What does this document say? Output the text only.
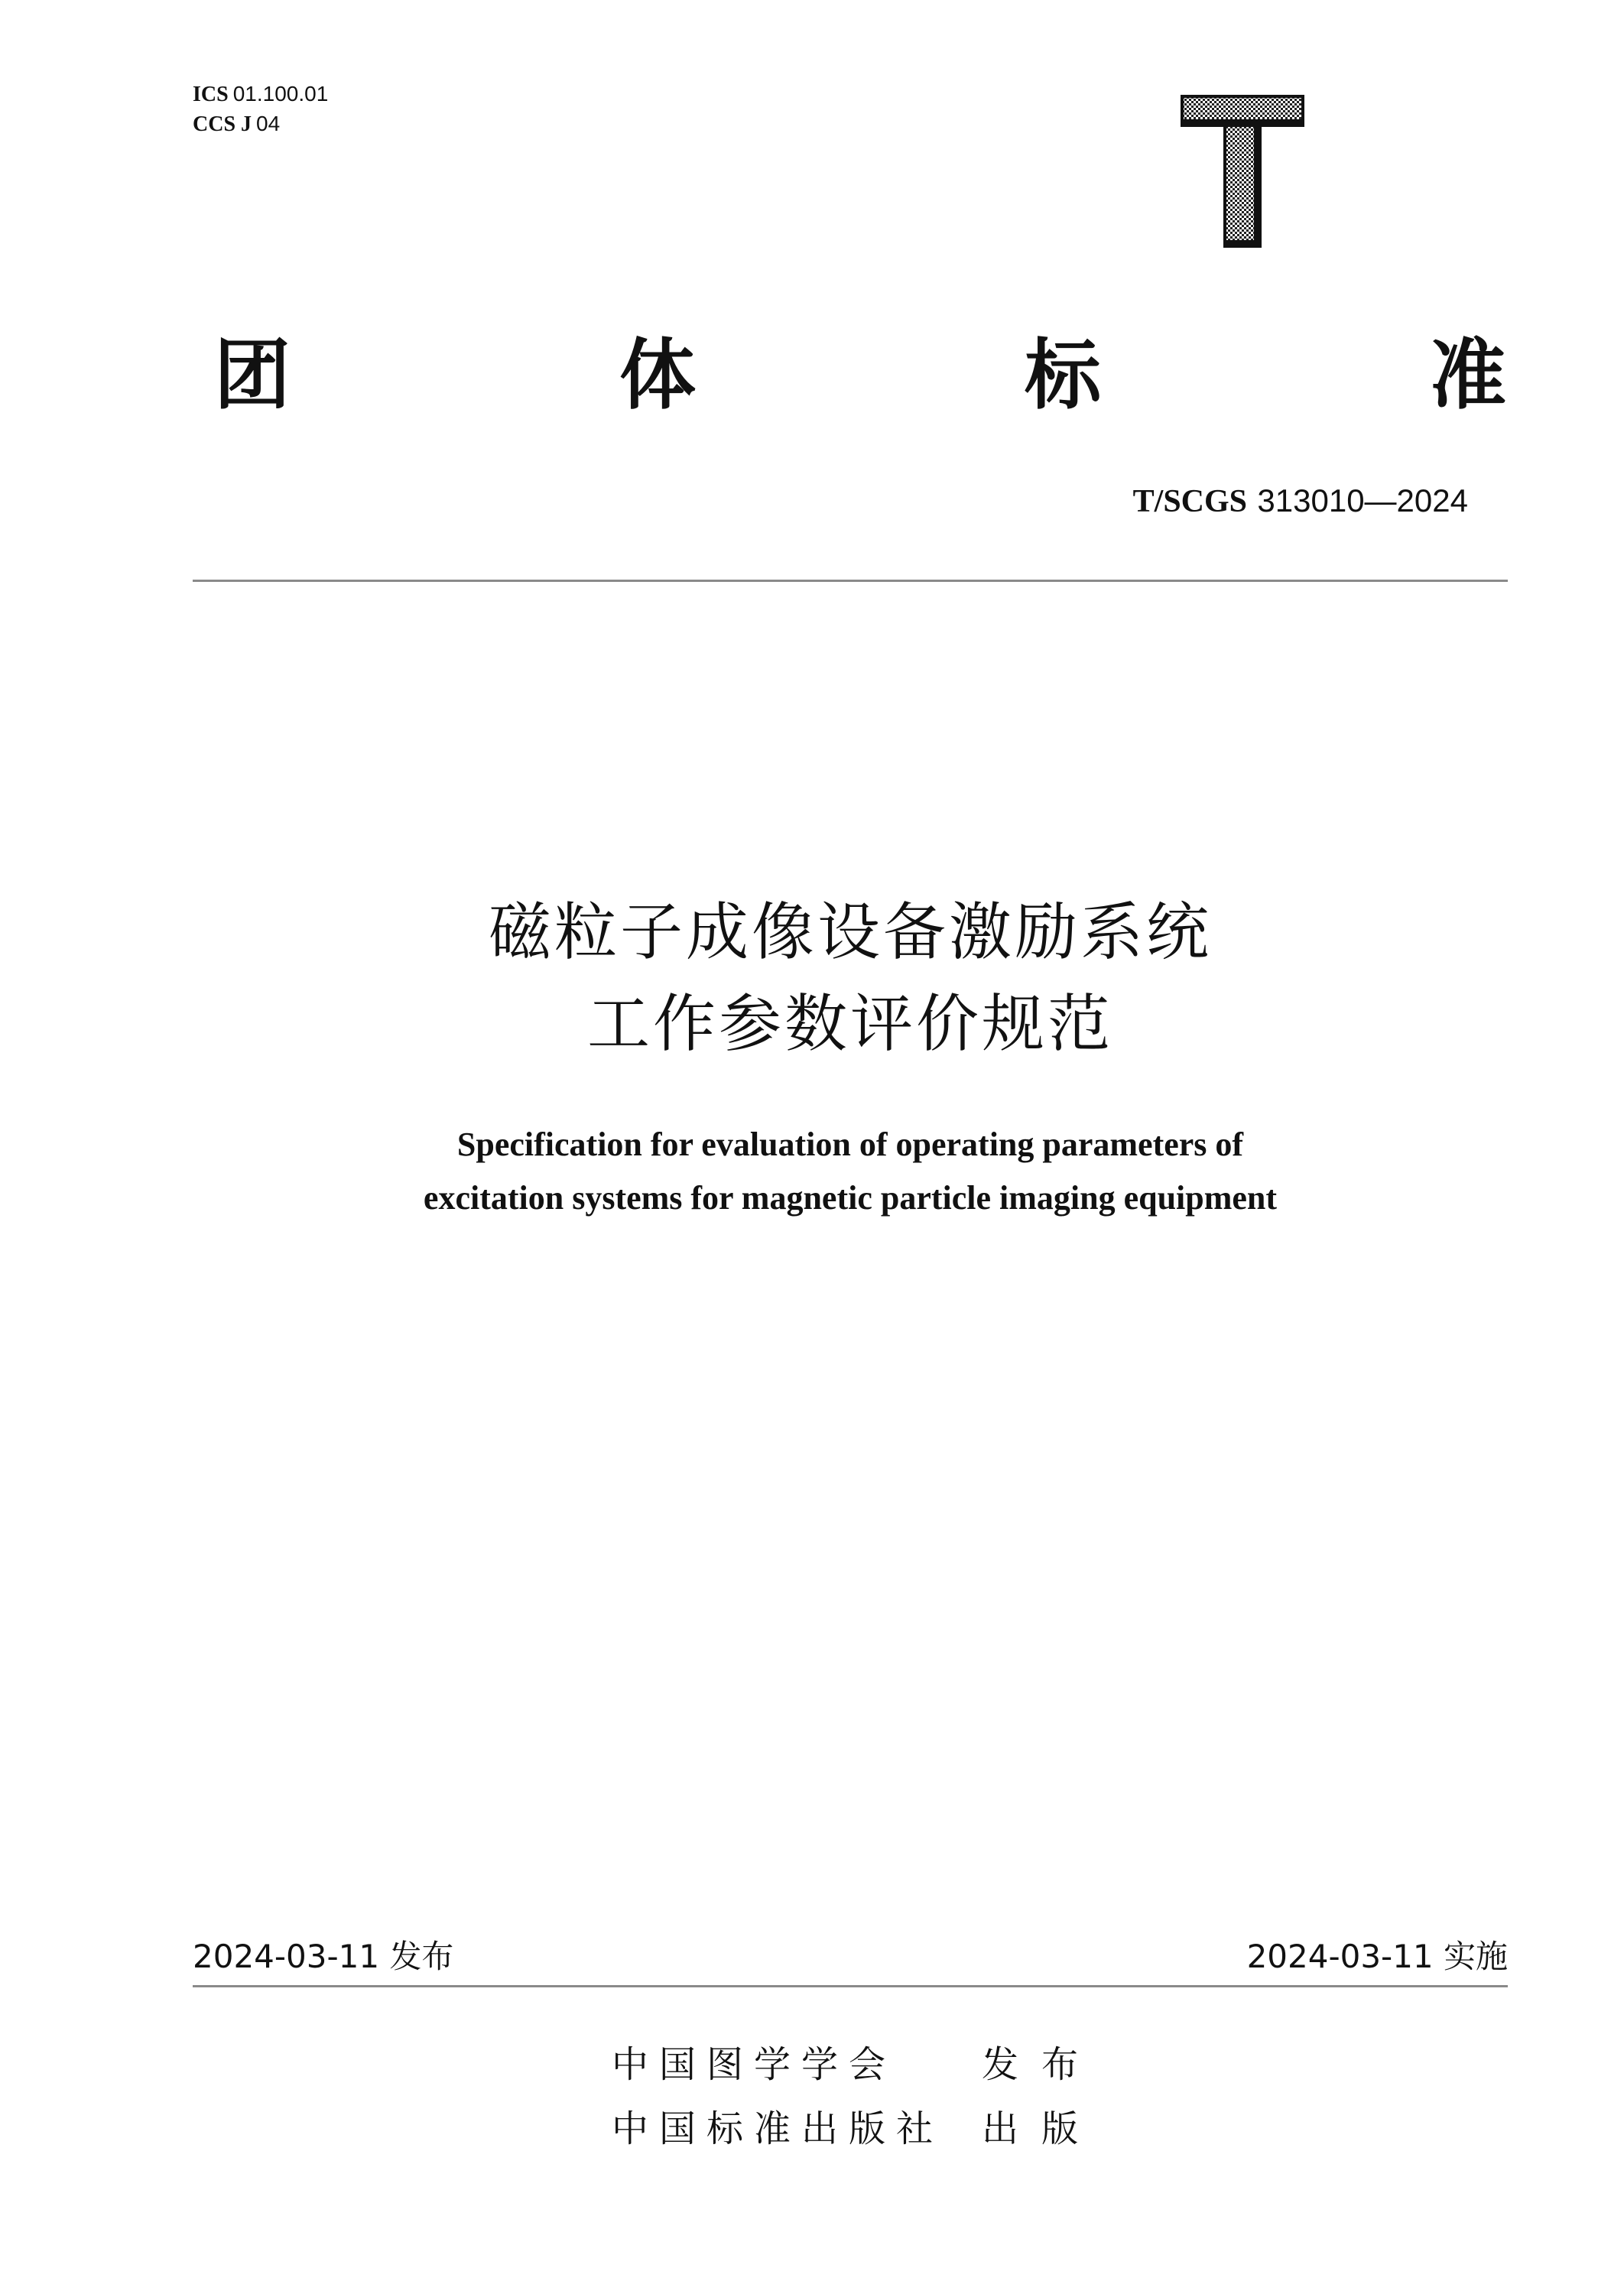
ICS 01.100.01
CCS J 04
团	体	标	准
T/SCGS 313010—2024
磁粒子成像设备激励系统
工作参数评价规范
Specification for evaluation of operating parameters of
excitation systems for magnetic particle imaging equipment
2024-03-11 发布	2024-03-11 实施
中国图学学会	发布
中国标准出版社	出版
